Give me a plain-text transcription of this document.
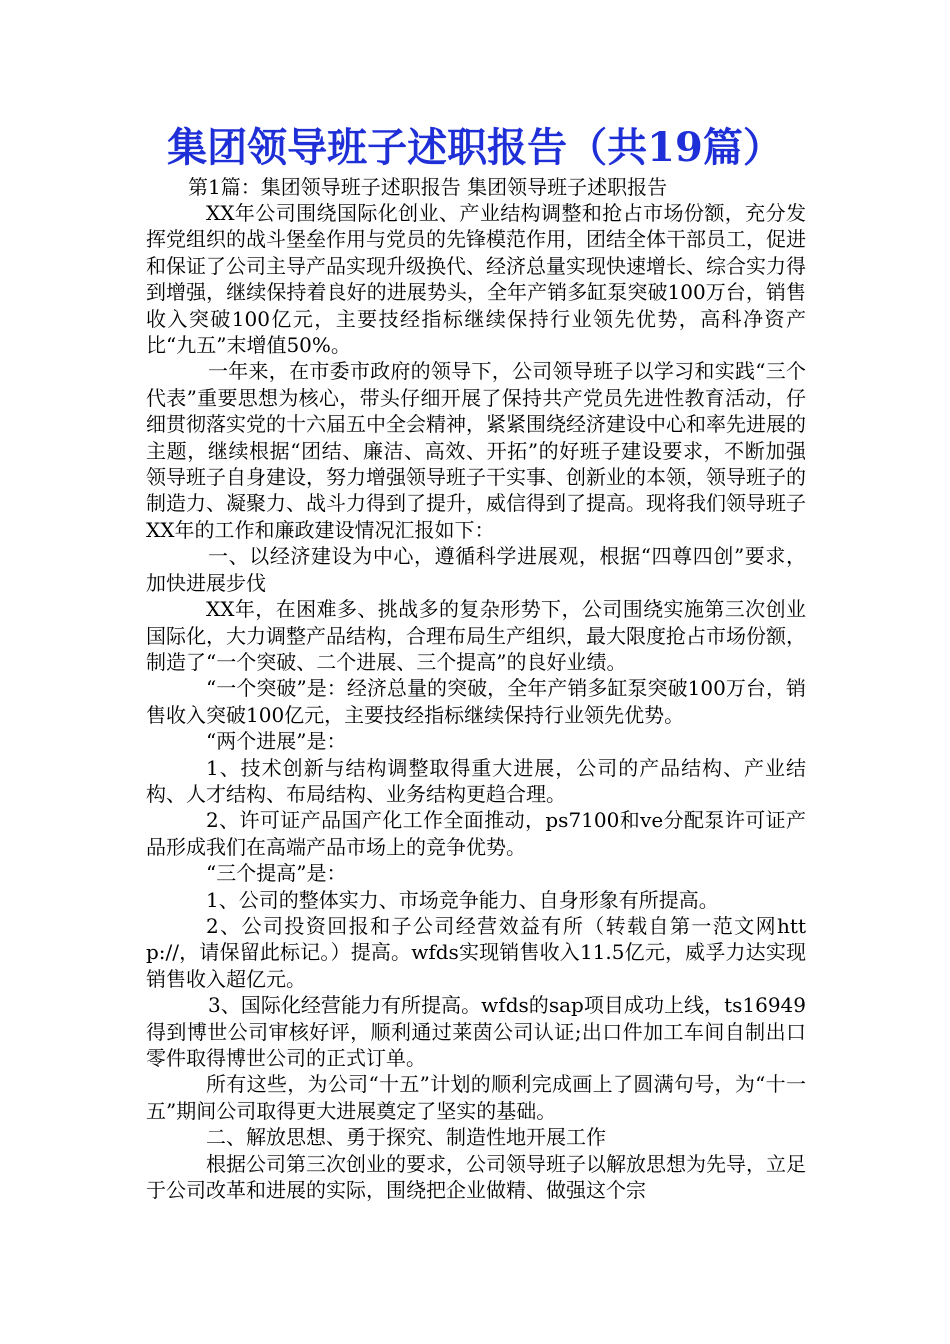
集团领导班子述职报告（共19篇）
第1篇：集团领导班子述职报告 集团领导班子述职报告

XX年公司围绕国际化创业、产业结构调整和抢占市场份额，充分发挥党组织的战斗堡垒作用与党员的先锋模范作用，团结全体干部员工，促进和保证了公司主导产品实现升级换代、经济总量实现快速增长、综合实力得到增强，继续保持着良好的进展势头，全年产销多缸泵突破100万台，销售收入突破100亿元，主要技经指标继续保持行业领先优势，高科净资产比“九五”末增值50%。

一年来，在市委市政府的领导下，公司领导班子以学习和实践“三个代表”重要思想为核心，带头仔细开展了保持共产党员先进性教育活动，仔细贯彻落实党的十六届五中全会精神，紧紧围绕经济建设中心和率先进展的主题，继续根据“团结、廉洁、高效、开拓”的好班子建设要求，不断加强领导班子自身建设，努力增强领导班子干实事、创新业的本领，领导班子的制造力、凝聚力、战斗力得到了提升，威信得到了提高。现将我们领导班子XX年的工作和廉政建设情况汇报如下：

一、以经济建设为中心，遵循科学进展观，根据“四尊四创”要求，加快进展步伐

XX年，在困难多、挑战多的复杂形势下，公司围绕实施第三次创业国际化，大力调整产品结构，合理布局生产组织，最大限度抢占市场份额，制造了“一个突破、二个进展、三个提高”的良好业绩。

“一个突破”是：经济总量的突破，全年产销多缸泵突破100万台，销售收入突破100亿元，主要技经指标继续保持行业领先优势。

“两个进展”是：

1、技术创新与结构调整取得重大进展，公司的产品结构、产业结构、人才结构、布局结构、业务结构更趋合理。

2、许可证产品国产化工作全面推动，ps7100和ve分配泵许可证产品形成我们在高端产品市场上的竞争优势。

“三个提高”是：

1、公司的整体实力、市场竞争能力、自身形象有所提高。

2、公司投资回报和子公司经营效益有所（转载自第一范文网http://，请保留此标记。）提高。wfds实现销售收入11.5亿元，威孚力达实现销售收入超亿元。

3、国际化经营能力有所提高。wfds的sap项目成功上线，ts16949得到博世公司审核好评，顺利通过莱茵公司认证;出口件加工车间自制出口零件取得博世公司的正式订单。

所有这些，为公司“十五”计划的顺利完成画上了圆满句号，为“十一五”期间公司取得更大进展奠定了坚实的基础。

二、解放思想、勇于探究、制造性地开展工作

根据公司第三次创业的要求，公司领导班子以解放思想为先导，立足于公司改革和进展的实际，围绕把企业做精、做强这个宗
